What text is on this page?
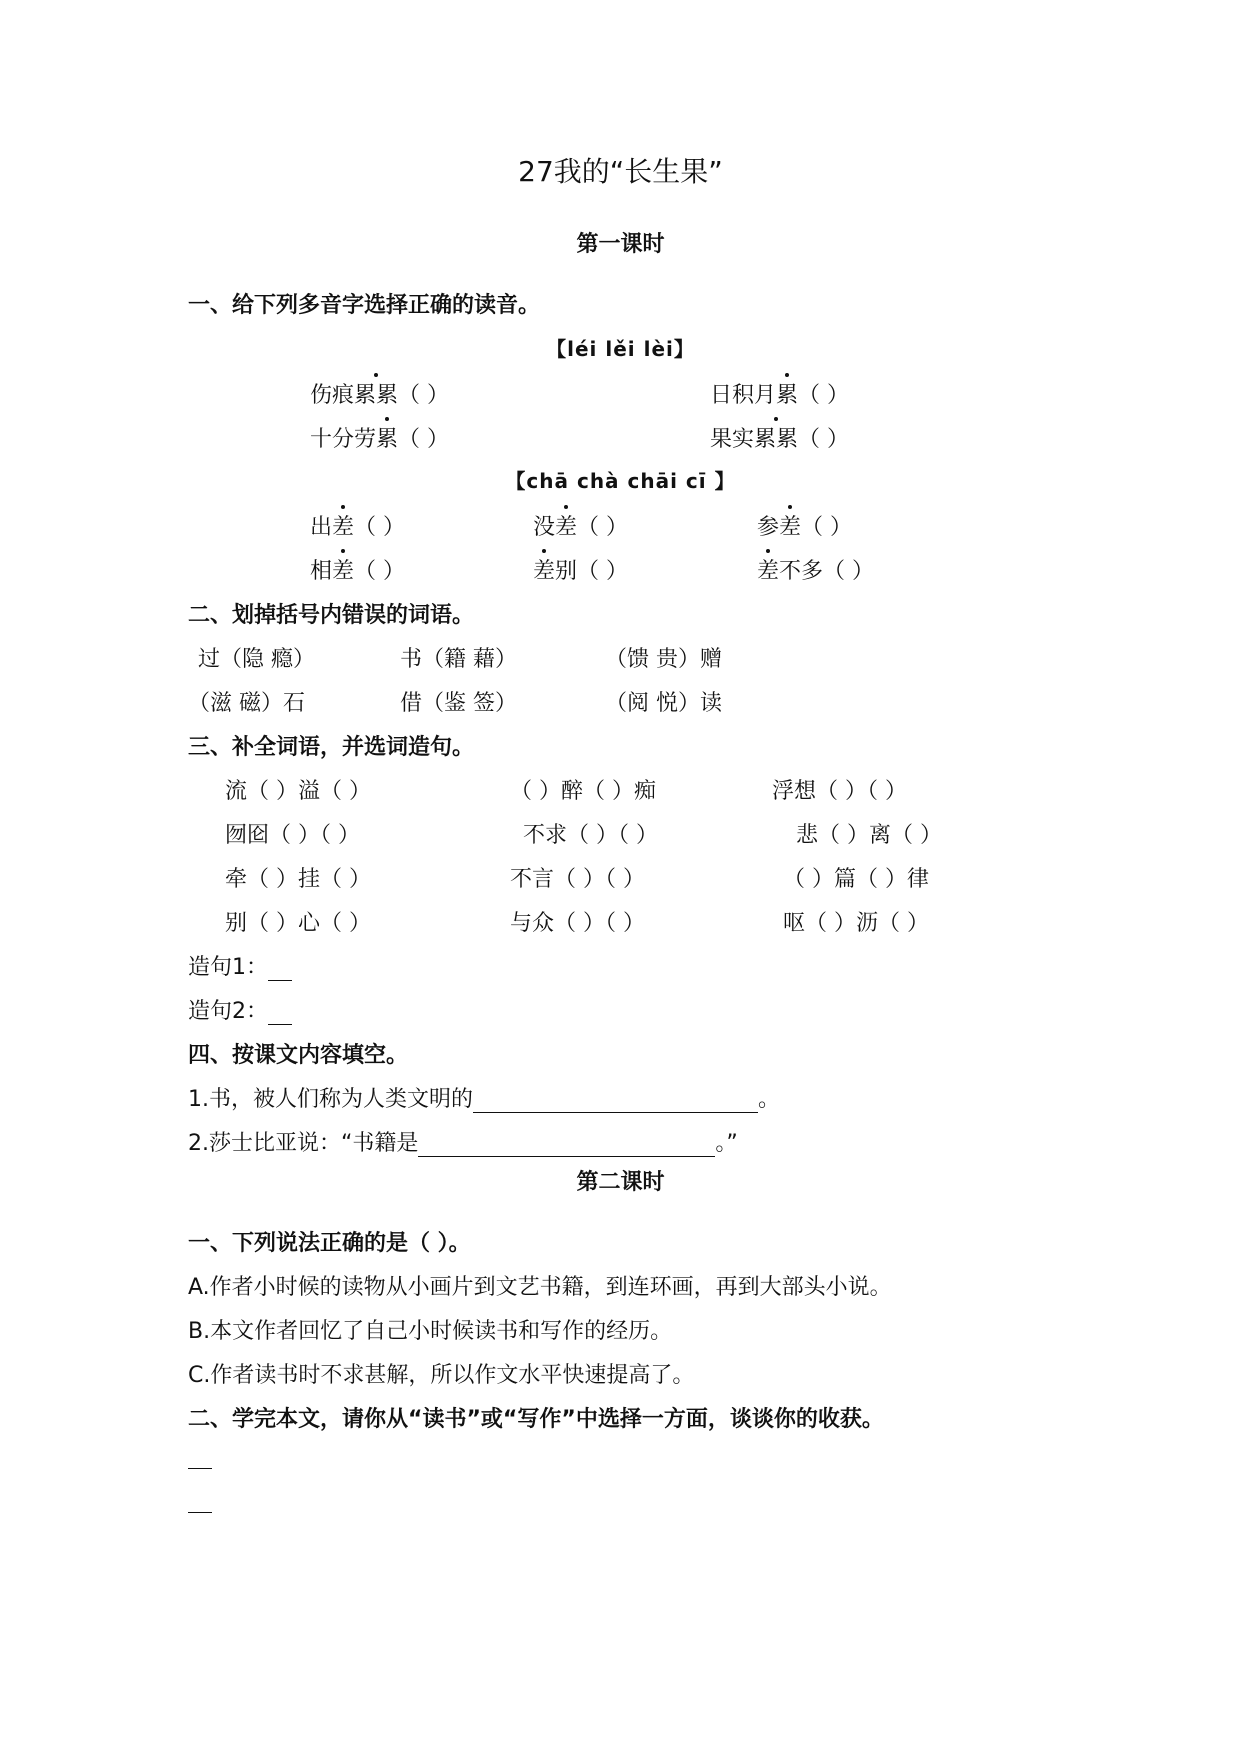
27我的“长生果”
第一课时
一、给下列多音字选择正确的读音。
【léi lěi lèi】
伤痕累累（ ）	日积月累（ ）
十分劳累（ ）	果实累累（ ）
【chā chà chāi cī 】
出差（ ）	没差（ ）	参差（ ）
相差（ ）	差别（ ）	差不多（ ）
二、划掉括号内错误的词语。
过（隐 瘾）	书（籍 藉）	（馈 贵）赠
（滋 磁）石	借（鉴 签）	（阅 悦）读
三、补全词语，并选词造句。
流（ ）溢（ ）	（ ）醉（ ）痴	浮想（ ）（ ）
囫囵（ ）（ ）	不求（ ）（ ）	悲（ ）离（ ）
牵（ ）挂（ ）	不言（ ）（ ）	（ ）篇（ ）律
别（ ）心（ ）	与众（ ）（ ）	呕（ ）沥（ ）
造句1：
造句2：
四、按课文内容填空。
1.书，被人们称为人类文明的	。
2.莎士比亚说：“书籍是	。”
第二课时
一、下列说法正确的是（ ）。
A.作者小时候的读物从小画片到文艺书籍，到连环画，再到大部头小说。
B.本文作者回忆了自己小时候读书和写作的经历。
C.作者读书时不求甚解，所以作文水平快速提高了。
二、学完本文，请你从“读书”或“写作”中选择一方面，谈谈你的收获。
